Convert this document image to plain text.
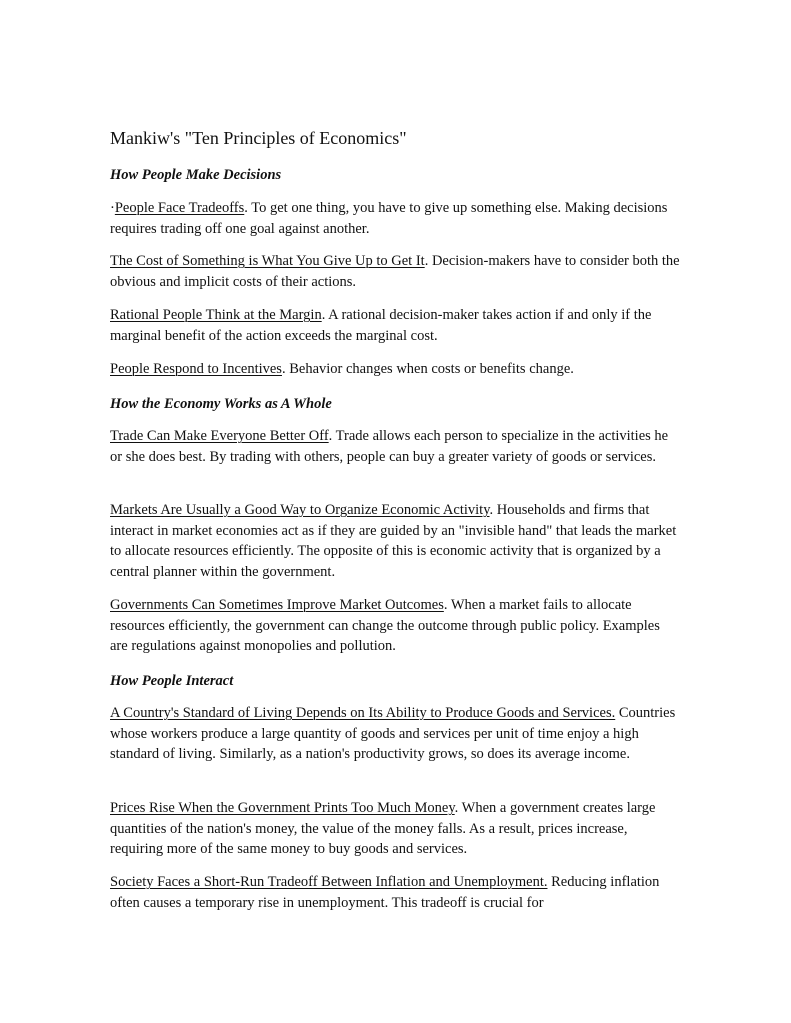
Mankiw's "Ten Principles of Economics"
How People Make Decisions

·People Face Tradeoffs. To get one thing, you have to give up something else. Making decisions requires trading off one goal against another.

The Cost of Something is What You Give Up to Get It. Decision-makers have to consider both the obvious and implicit costs of their actions.

Rational People Think at the Margin. A rational decision-maker takes action if and only if the marginal benefit of the action exceeds the marginal cost.

People Respond to Incentives. Behavior changes when costs or benefits change.

How the Economy Works as A Whole

Trade Can Make Everyone Better Off. Trade allows each person to specialize in the activities he or she does best. By trading with others, people can buy a greater variety of goods or services.

Markets Are Usually a Good Way to Organize Economic Activity. Households and firms that interact in market economies act as if they are guided by an "invisible hand" that leads the market to allocate resources efficiently. The opposite of this is economic activity that is organized by a central planner within the government.

Governments Can Sometimes Improve Market Outcomes. When a market fails to allocate resources efficiently, the government can change the outcome through public policy. Examples are regulations against monopolies and pollution.

How People Interact

A Country's Standard of Living Depends on Its Ability to Produce Goods and Services. Countries whose workers produce a large quantity of goods and services per unit of time enjoy a high standard of living. Similarly, as a nation's productivity grows, so does its average income.

Prices Rise When the Government Prints Too Much Money. When a government creates large quantities of the nation's money, the value of the money falls. As a result, prices increase, requiring more of the same money to buy goods and services.

Society Faces a Short-Run Tradeoff Between Inflation and Unemployment. Reducing inflation often causes a temporary rise in unemployment. This tradeoff is crucial for
